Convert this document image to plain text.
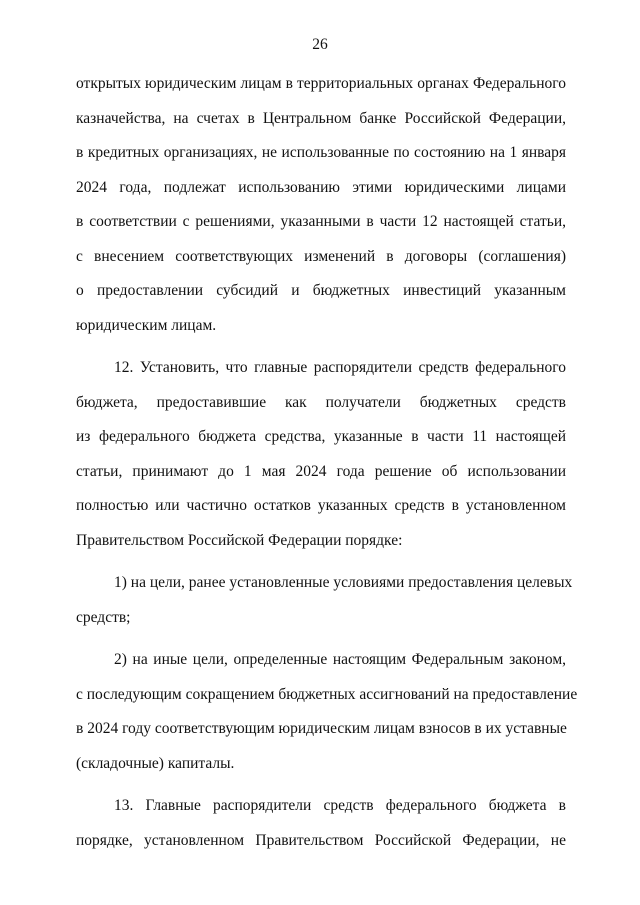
26
открытых юридическим лицам в территориальных органах Федерального
казначейства, на счетах в Центральном банке Российской Федерации,
в кредитных организациях, не использованные по состоянию на 1 января
2024 года, подлежат использованию этими юридическими лицами
в соответствии с решениями, указанными в части 12 настоящей статьи,
с внесением соответствующих изменений в договоры (соглашения)
о предоставлении субсидий и бюджетных инвестиций указанным
юридическим лицам.
12. Установить, что главные распорядители средств федерального
бюджета, предоставившие как получатели бюджетных средств
из федерального бюджета средства, указанные в части 11 настоящей
статьи, принимают до 1 мая 2024 года решение об использовании
полностью или частично остатков указанных средств в установленном
Правительством Российской Федерации порядке:
1) на цели, ранее установленные условиями предоставления целевых
средств;
2) на иные цели, определенные настоящим Федеральным законом,
с последующим сокращением бюджетных ассигнований на предоставление
в 2024 году соответствующим юридическим лицам взносов в их уставные
(складочные) капиталы.
13. Главные распорядители средств федерального бюджета в
порядке, установленном Правительством Российской Федерации, не
